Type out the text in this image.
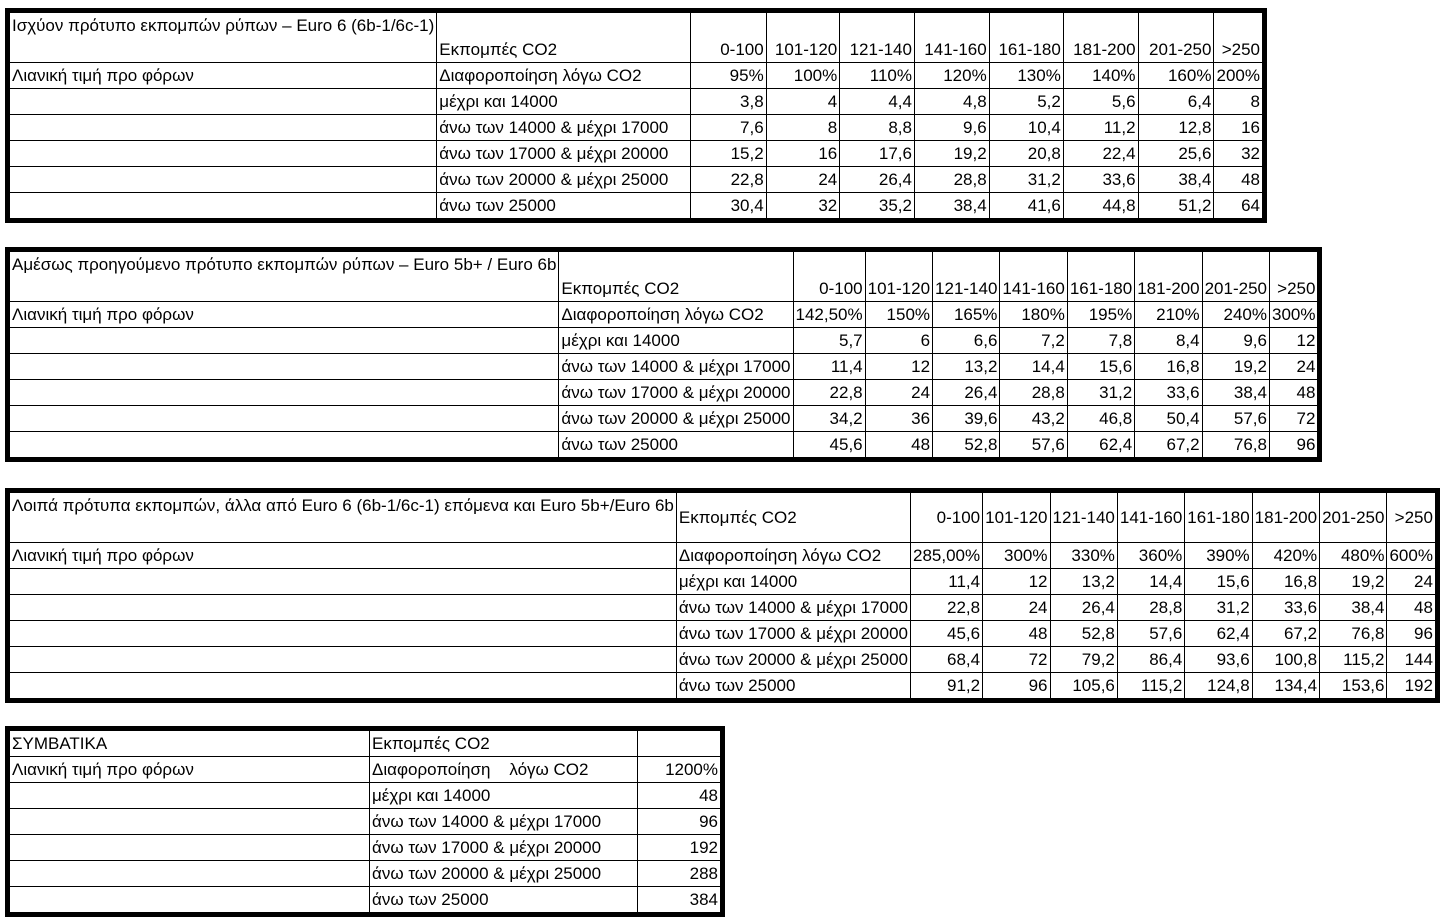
Ισχύον πρότυπο εκπομπών ρύπων – Euro 6 (6b-1/6c-1)	Εκπομπές CO2	0-100	101-120	121-140	141-160	161-180	181-200	201-250	>250
Λιανική τιμή προ φόρων	Διαφοροποίηση λόγω CO2	95%	100%	110%	120%	130%	140%	160%	200%
	μέχρι και 14000	3,8	4	4,4	4,8	5,2	5,6	6,4	8
	άνω των 14000 & μέχρι 17000	7,6	8	8,8	9,6	10,4	11,2	12,8	16
	άνω των 17000 & μέχρι 20000	15,2	16	17,6	19,2	20,8	22,4	25,6	32
	άνω των 20000 & μέχρι 25000	22,8	24	26,4	28,8	31,2	33,6	38,4	48
	άνω των 25000	30,4	32	35,2	38,4	41,6	44,8	51,2	64
Αμέσως προηγούμενο πρότυπο εκπομπών ρύπων – Euro 5b+ / Euro 6b	Εκπομπές CO2	0-100	101-120	121-140	141-160	161-180	181-200	201-250	>250
Λιανική τιμή προ φόρων	Διαφοροποίηση λόγω CO2	142,50%	150%	165%	180%	195%	210%	240%	300%
	μέχρι και 14000	5,7	6	6,6	7,2	7,8	8,4	9,6	12
	άνω των 14000 & μέχρι 17000	11,4	12	13,2	14,4	15,6	16,8	19,2	24
	άνω των 17000 & μέχρι 20000	22,8	24	26,4	28,8	31,2	33,6	38,4	48
	άνω των 20000 & μέχρι 25000	34,2	36	39,6	43,2	46,8	50,4	57,6	72
	άνω των 25000	45,6	48	52,8	57,6	62,4	67,2	76,8	96
Λοιπά πρότυπα εκπομπών, άλλα από Euro 6 (6b-1/6c-1) επόμενα και Euro 5b+/Euro 6b	Εκπομπές CO2	0-100	101-120	121-140	141-160	161-180	181-200	201-250	>250
Λιανική τιμή προ φόρων	Διαφοροποίηση λόγω CO2	285,00%	300%	330%	360%	390%	420%	480%	600%
	μέχρι και 14000	11,4	12	13,2	14,4	15,6	16,8	19,2	24
	άνω των 14000 & μέχρι 17000	22,8	24	26,4	28,8	31,2	33,6	38,4	48
	άνω των 17000 & μέχρι 20000	45,6	48	52,8	57,6	62,4	67,2	76,8	96
	άνω των 20000 & μέχρι 25000	68,4	72	79,2	86,4	93,6	100,8	115,2	144
	άνω των 25000	91,2	96	105,6	115,2	124,8	134,4	153,6	192
ΣΥΜΒΑΤΙΚΑ	Εκπομπές CO2	
Λιανική τιμή προ φόρων	Διαφοροποίηση    λόγω CO2	1200%
	μέχρι και 14000	48
	άνω των 14000 & μέχρι 17000	96
	άνω των 17000 & μέχρι 20000	192
	άνω των 20000 & μέχρι 25000	288
	άνω των 25000	384
